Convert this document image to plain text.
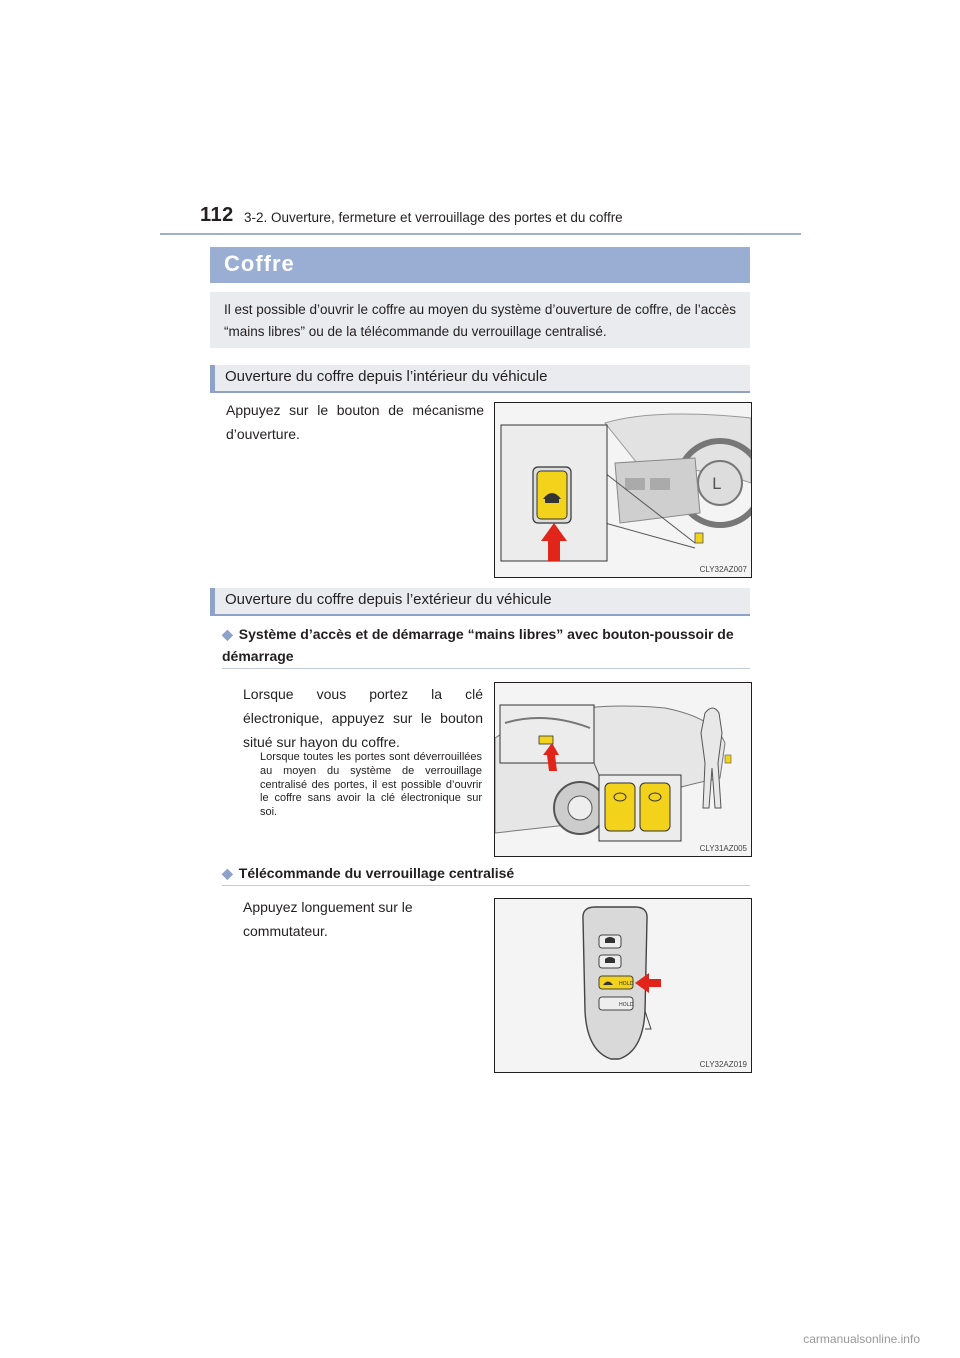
112 3-2. Ouverture, fermeture et verrouillage des portes et du coffre
Coffre
Il est possible d’ouvrir le coffre au moyen du système d’ouverture de coffre, de l’accès “mains libres” ou de la télécommande du verrouillage centralisé.
Ouverture du coffre depuis l’intérieur du véhicule
Appuyez sur le bouton de mécanisme d’ouverture.
L
CLY32AZ007
Ouverture du coffre depuis l’extérieur du véhicule
◆ Système d’accès et de démarrage “mains libres” avec bouton-poussoir de démarrage
Lorsque vous portez la clé électronique, appuyez sur le bouton situé sur hayon du coffre.
Lorsque toutes les portes sont déverrouillées au moyen du système de verrouillage centralisé des portes, il est possible d’ouvrir le coffre sans avoir la clé électronique sur soi.
CLY31AZ005
◆ Télécommande du verrouillage centralisé
Appuyez longuement sur le commutateur.
HOLD
HOLD
CLY32AZ019
carmanualsonline.info
